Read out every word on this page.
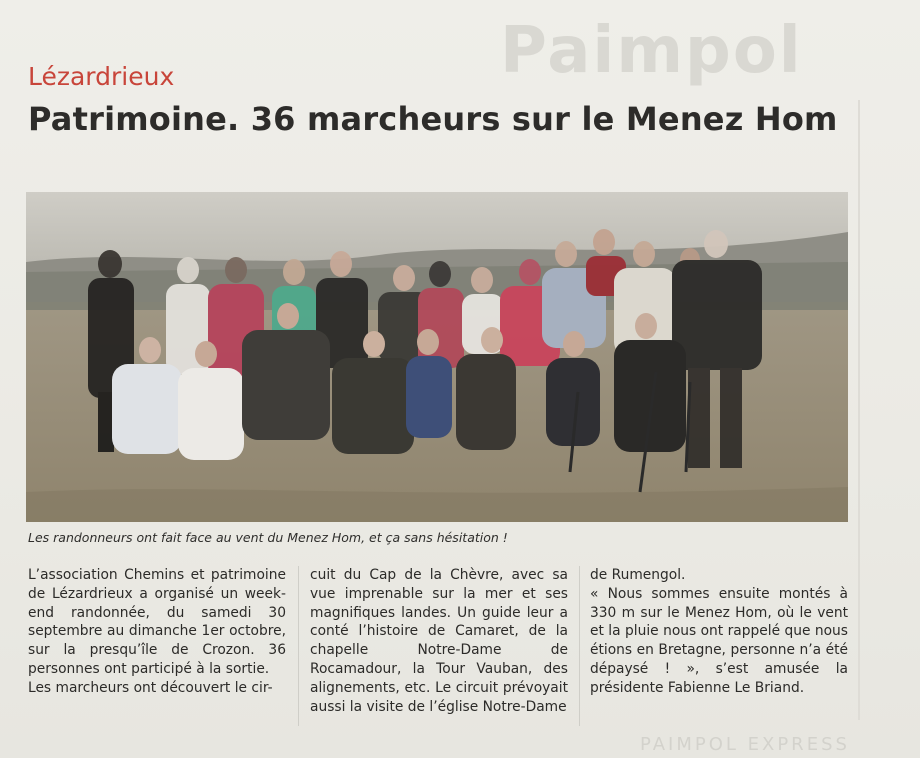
Paimpol
PAIMPOL EXPRESS
Lézardrieux
Patrimoine. 36 marcheurs sur le Menez Hom
Les randonneurs ont fait face au vent du Menez Hom, et ça sans hésitation !

L’association Chemins et patrimoine de Lézardrieux a organisé un week-end randonnée, du samedi 30 septembre au dimanche 1er octobre, sur la presqu’île de Crozon. 36 personnes ont participé à la sortie.

Les marcheurs ont découvert le cir-

cuit du Cap de la Chèvre, avec sa vue imprenable sur la mer et ses magnifiques landes. Un guide leur a conté l’histoire de Camaret, de la chapelle Notre-Dame de Rocamadour, la Tour Vauban, des alignements, etc. Le circuit prévoyait aussi la visite de l’église Notre-Dame

de Rumengol.

« Nous sommes ensuite montés à 330 m sur le Menez Hom, où le vent et la pluie nous ont rappelé que nous étions en Bretagne, personne n’a été dépaysé ! », s’est amusée la présidente Fabienne Le Briand.
